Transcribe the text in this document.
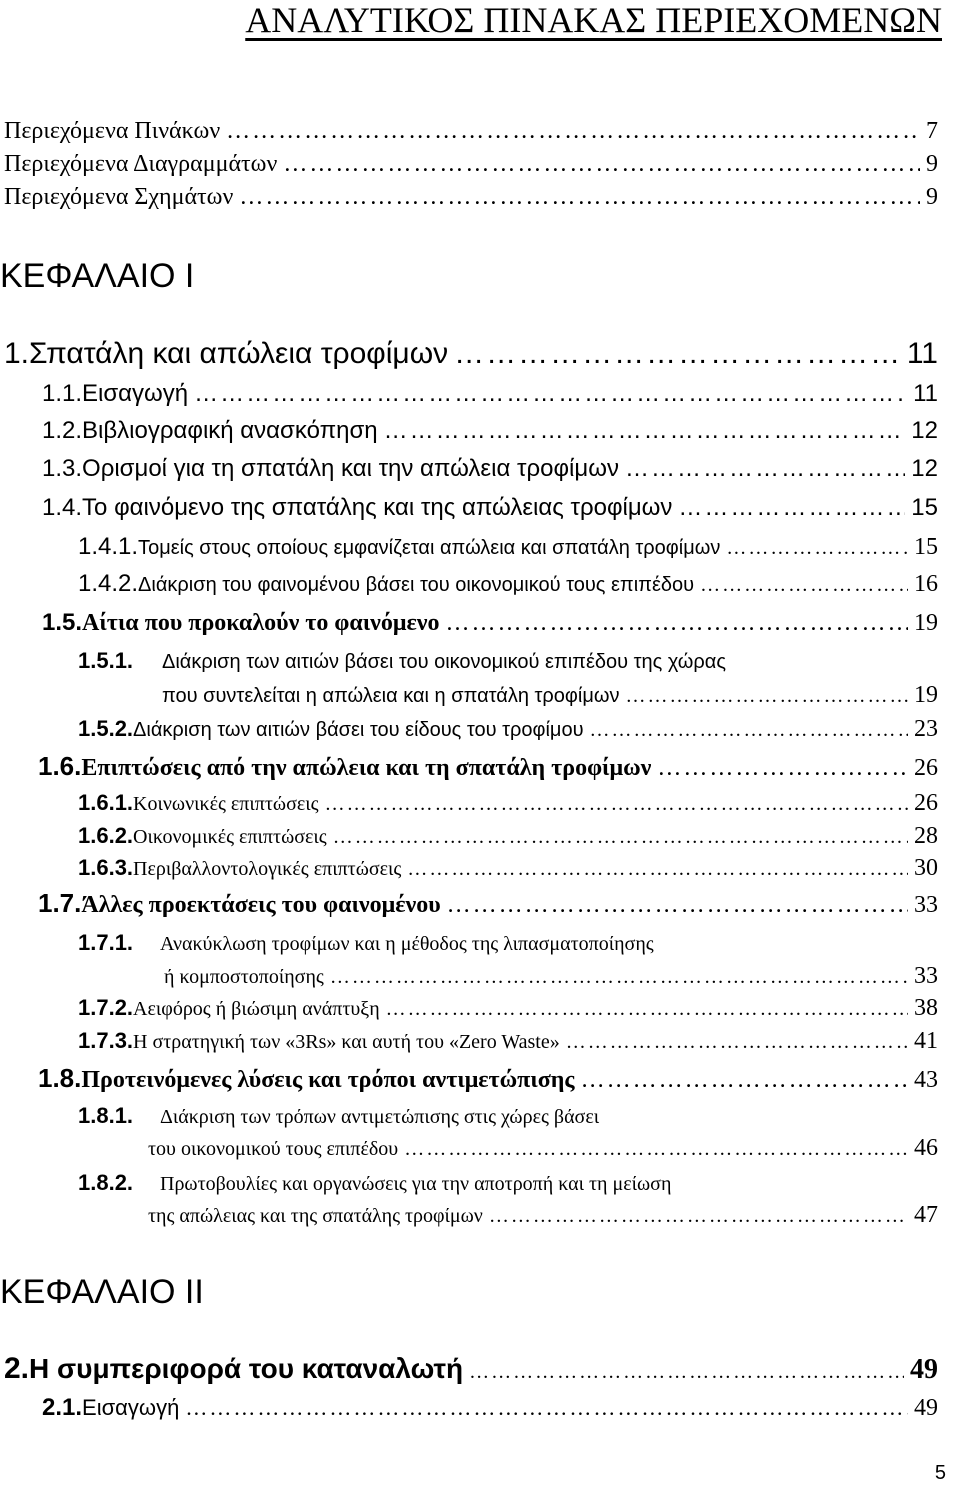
ΑΝΑΛΥΤΙΚΟΣ ΠΙΝΑΚΑΣ ΠΕΡΙΕΧΟΜΕΝΩΝ
Περιεχόμενα Πινάκων ……………………………………………………………………………………………………………………………………………………………………………………………………	7
Περιεχόμενα Διαγραμμάτων ……………………………………………………………………………………………………………………………………………………………………………………………………	9
Περιεχόμενα Σχημάτων ……………………………………………………………………………………………………………………………………………………………………………………………………	9
ΚΕΦΑΛΑΙΟ Ι
1. Σπατάλη και απώλεια τροφίμων ……………………………………………………………………………………………………………………………………………………………………………………………………	11
1.1. Εισαγωγή ……………………………………………………………………………………………………………………………………………………………………………………………………	11
1.2. Βιβλιογραφική ανασκόπηση ……………………………………………………………………………………………………………………………………………………………………………………………………	12
1.3. Ορισμοί για τη σπατάλη και την απώλεια τροφίμων ……………………………………………………………………………………………………………………………………………………………………………………………………	12
1.4. Το φαινόμενο της σπατάλης και της απώλειας τροφίμων ……………………………………………………………………………………………………………………………………………………………………………………………………	15
1.4.1. Τομείς στους οποίους εμφανίζεται απώλεια και σπατάλη τροφίμων ……………………………………………………………………………………………………………………………………………………………………………………………………	15
1.4.2. Διάκριση του φαινομένου βάσει του οικονομικού τους επιπέδου ……………………………………………………………………………………………………………………………………………………………………………………………………	16
1.5. Αίτια που προκαλούν το φαινόμενο ……………………………………………………………………………………………………………………………………………………………………………………………………	19
1.5.1.	Διάκριση των αιτιών βάσει του οικονομικού επιπέδου της χώρας
που συντελείται η απώλεια και η σπατάλη τροφίμων ……………………………………………………………………………………………………………………………………………………………………………………………………	19
1.5.2. Διάκριση των αιτιών βάσει του είδους του τροφίμου ……………………………………………………………………………………………………………………………………………………………………………………………………	23
1.6. Επιπτώσεις από την απώλεια και τη σπατάλη τροφίμων ……………………………………………………………………………………………………………………………………………………………………………………………………	26
1.6.1. Κοινωνικές επιπτώσεις ……………………………………………………………………………………………………………………………………………………………………………………………………	26
1.6.2. Οικονομικές επιπτώσεις ……………………………………………………………………………………………………………………………………………………………………………………………………	28
1.6.3. Περιβαλλοντολογικές επιπτώσεις ……………………………………………………………………………………………………………………………………………………………………………………………………	30
1.7. Άλλες προεκτάσεις του φαινομένου ……………………………………………………………………………………………………………………………………………………………………………………………………	33
1.7.1.	Ανακύκλωση τροφίμων και η μέθοδος της λιπασματοποίησης
ή κομποστοποίησης ……………………………………………………………………………………………………………………………………………………………………………………………………	33
1.7.2. Αειφόρος ή βιώσιμη ανάπτυξη ……………………………………………………………………………………………………………………………………………………………………………………………………	38
1.7.3. Η στρατηγική των «3Rs» και αυτή του «Zero Waste» ……………………………………………………………………………………………………………………………………………………………………………………………………	41
1.8. Προτεινόμενες λύσεις και τρόποι αντιμετώπισης ……………………………………………………………………………………………………………………………………………………………………………………………………	43
1.8.1.	Διάκριση των τρόπων αντιμετώπισης στις χώρες βάσει
του οικονομικού τους επιπέδου ……………………………………………………………………………………………………………………………………………………………………………………………………	46
1.8.2.	Πρωτοβουλίες και οργανώσεις για την αποτροπή και τη μείωση
της απώλειας και της σπατάλης τροφίμων ……………………………………………………………………………………………………………………………………………………………………………………………………	47
ΚΕΦΑΛΑΙΟ ΙΙ
2. Η συμπεριφορά του καταναλωτή ……………………………………………………………………………………………………………………………………………………………………………………………………	49
2.1. Εισαγωγή ……………………………………………………………………………………………………………………………………………………………………………………………………	49
5
